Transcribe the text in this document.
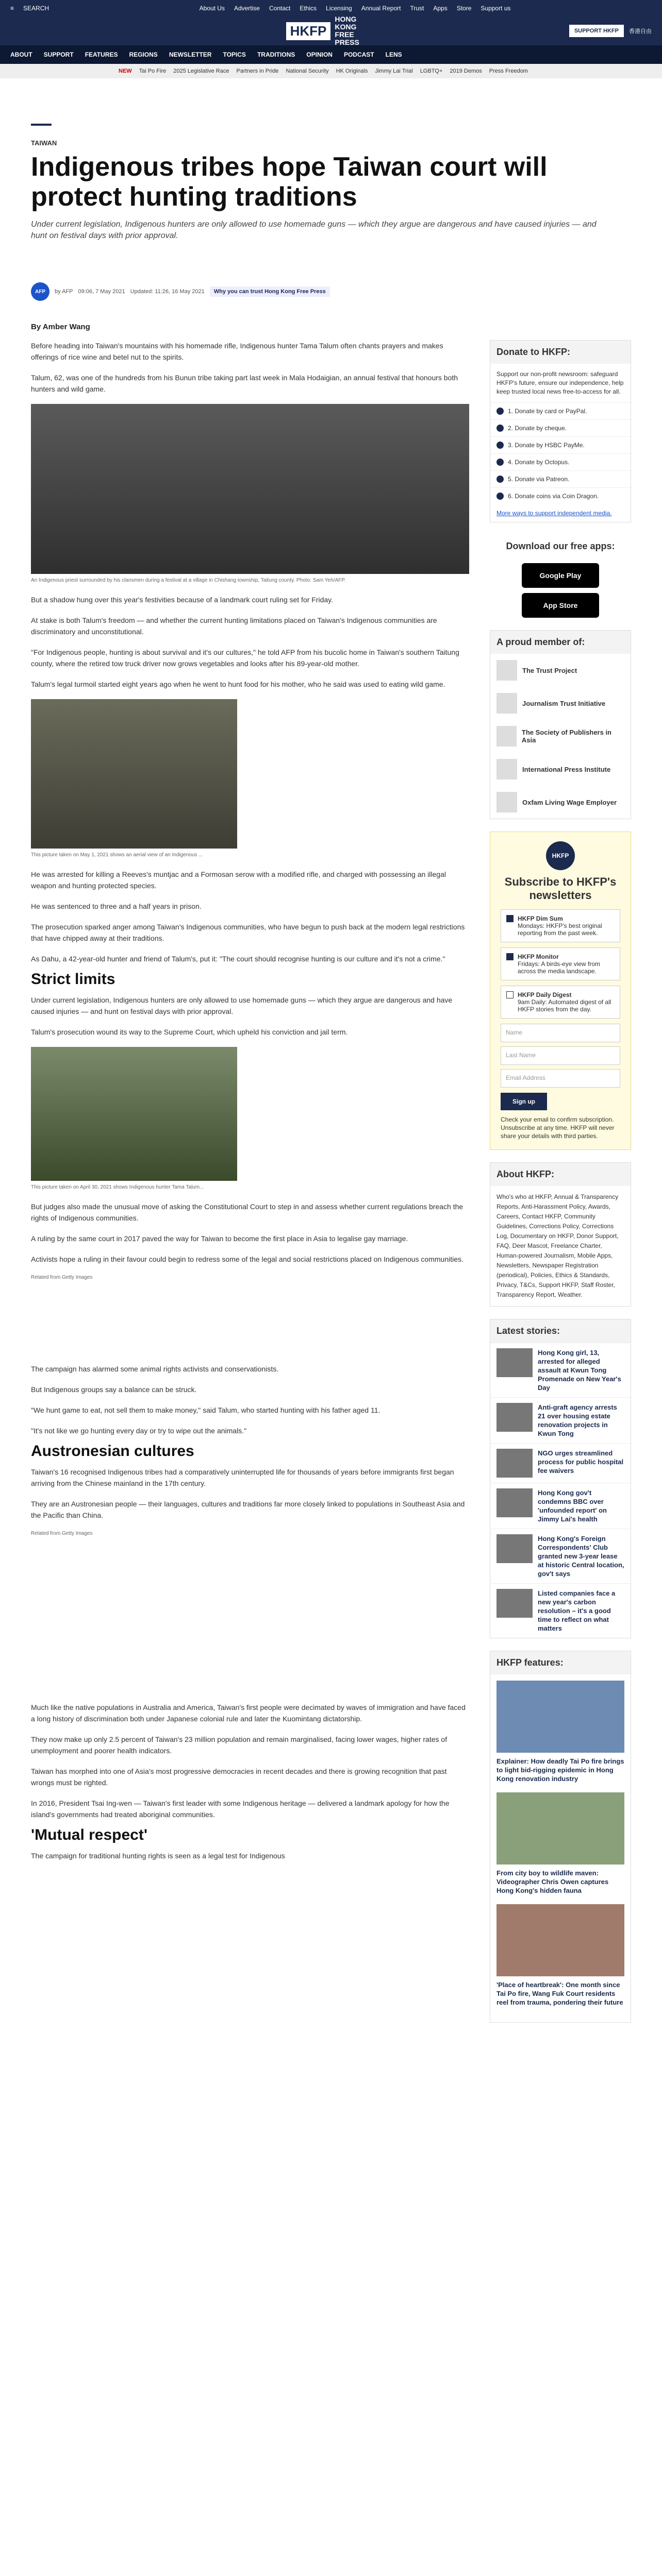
≡ SEARCH	About Us Advertise Contact Ethics Licensing Annual Report Trust Apps Store Support us
HKFP
HONG KONG FREE PRESS
SUPPORT HKFP	香港自由
ABOUT SUPPORT FEATURES REGIONS NEWSLETTER TOPICS TRADITIONS OPINION PODCAST LENS
NEW Tai Po Fire 2025 Legislative Race Partners in Pride National Security HK Originals Jimmy Lai Trial LGBTQ+ 2019 Demos Press Freedom
TAIWAN
Indigenous tribes hope Taiwan court will protect hunting traditions
Under current legislation, Indigenous hunters are only allowed to use homemade guns — which they argue are dangerous and have caused injuries — and hunt on festival days with prior approval.
AFP	by AFP 09:06, 7 May 2021 Updated: 11:26, 16 May 2021	Why you can trust Hong Kong Free Press
By Amber Wang

Before heading into Taiwan's mountains with his homemade rifle, Indigenous hunter Tama Talum often chants prayers and makes offerings of rice wine and betel nut to the spirits.

Talum, 62, was one of the hundreds from his Bunun tribe taking part last week in Mala Hodaigian, an annual festival that honours both hunters and wild game.

An Indigenous priest surrounded by his clansmen during a festival at a village in Chishang township, Taitung county. Photo: Sam Yeh/AFP.

But a shadow hung over this year's festivities because of a landmark court ruling set for Friday.

At stake is both Talum's freedom — and whether the current hunting limitations placed on Taiwan's Indigenous communities are discriminatory and unconstitutional.

"For Indigenous people, hunting is about survival and it's our cultures," he told AFP from his bucolic home in Taiwan's southern Taitung county, where the retired tow truck driver now grows vegetables and looks after his 89-year-old mother.

Talum's legal turmoil started eight years ago when he went to hunt food for his mother, who he said was used to eating wild game.

This picture taken on May 1, 2021 shows an aerial view of an Indigenous ...

He was arrested for killing a Reeves's muntjac and a Formosan serow with a modified rifle, and charged with possessing an illegal weapon and hunting protected species.

He was sentenced to three and a half years in prison.

The prosecution sparked anger among Taiwan's Indigenous communities, who have begun to push back at the modern legal restrictions that have chipped away at their traditions.

As Dahu, a 42-year-old hunter and friend of Talum's, put it: "The court should recognise hunting is our culture and it's not a crime."

Strict limits

Under current legislation, Indigenous hunters are only allowed to use homemade guns — which they argue are dangerous and have caused injuries — and hunt on festival days with prior approval.

Talum's prosecution wound its way to the Supreme Court, which upheld his conviction and jail term.

This picture taken on April 30, 2021 shows Indigenous hunter Tama Talum...

But judges also made the unusual move of asking the Constitutional Court to step in and assess whether current regulations breach the rights of Indigenous communities.

A ruling by the same court in 2017 paved the way for Taiwan to become the first place in Asia to legalise gay marriage.

Activists hope a ruling in their favour could begin to redress some of the legal and social restrictions placed on Indigenous communities.

Related from Getty Images

The campaign has alarmed some animal rights activists and conservationists.

But Indigenous groups say a balance can be struck.

"We hunt game to eat, not sell them to make money," said Talum, who started hunting with his father aged 11.

"It's not like we go hunting every day or try to wipe out the animals."

Austronesian cultures

Taiwan's 16 recognised Indigenous tribes had a comparatively uninterrupted life for thousands of years before immigrants first began arriving from the Chinese mainland in the 17th century.

They are an Austronesian people — their languages, cultures and traditions far more closely linked to populations in Southeast Asia and the Pacific than China.

Related from Getty Images

Much like the native populations in Australia and America, Taiwan's first people were decimated by waves of immigration and have faced a long history of discrimination both under Japanese colonial rule and later the Kuomintang dictatorship.

They now make up only 2.5 percent of Taiwan's 23 million population and remain marginalised, facing lower wages, higher rates of unemployment and poorer health indicators.

Taiwan has morphed into one of Asia's most progressive democracies in recent decades and there is growing recognition that past wrongs must be righted.

In 2016, President Tsai Ing-wen — Taiwan's first leader with some Indigenous heritage — delivered a landmark apology for how the island's governments had treated aboriginal communities.

'Mutual respect'

The campaign for traditional hunting rights is seen as a legal test for Indigenous

Donate to HKFP:
Support our non-profit newsroom: safeguard HKFP's future, ensure our independence, help keep trusted local news free-to-access for all.
1. Donate by card or PayPal.
2. Donate by cheque.
3. Donate by HSBC PayMe.
4. Donate by Octopus.
5. Donate via Patreon.
6. Donate coins via Coin Dragon.
More ways to support independent media.
Download our free apps:
Google Play
App Store
A proud member of:
The Trust Project
Journalism Trust Initiative
The Society of Publishers in Asia
International Press Institute
Oxfam Living Wage Employer
HKFP
Subscribe to HKFP's newsletters
HKFP Dim Sum
Mondays: HKFP's best original reporting from the past week.
HKFP Monitor
Fridays: A birds-eye view from across the media landscape.
HKFP Daily Digest
9am Daily: Automated digest of all HKFP stories from the day.
Name
Last Name
Email Address
Sign up
Check your email to confirm subscription. Unsubscribe at any time. HKFP will never share your details with third parties.
About HKFP:
Who's who at HKFP, Annual & Transparency Reports, Anti-Harassment Policy, Awards, Careers, Contact HKFP, Community Guidelines, Corrections Policy, Corrections Log, Documentary on HKFP, Donor Support, FAQ, Deer Mascot, Freelance Charter, Human-powered Journalism, Mobile Apps, Newsletters, Newspaper Registration (periodical), Policies, Ethics & Standards, Privacy, T&Cs, Support HKFP, Staff Roster, Transparency Report, Weather.
Latest stories:
Hong Kong girl, 13, arrested for alleged assault at Kwun Tong Promenade on New Year's Day
Anti-graft agency arrests 21 over housing estate renovation projects in Kwun Tong
NGO urges streamlined process for public hospital fee waivers
Hong Kong gov't condemns BBC over 'unfounded report' on Jimmy Lai's health
Hong Kong's Foreign Correspondents' Club granted new 3-year lease at historic Central location, gov't says
Listed companies face a new year's carbon resolution – it's a good time to reflect on what matters
HKFP features:
Explainer: How deadly Tai Po fire brings to light bid-rigging epidemic in Hong Kong renovation industry
From city boy to wildlife maven: Videographer Chris Owen captures Hong Kong's hidden fauna
'Place of heartbreak': One month since Tai Po fire, Wang Fuk Court residents reel from trauma, pondering their future
